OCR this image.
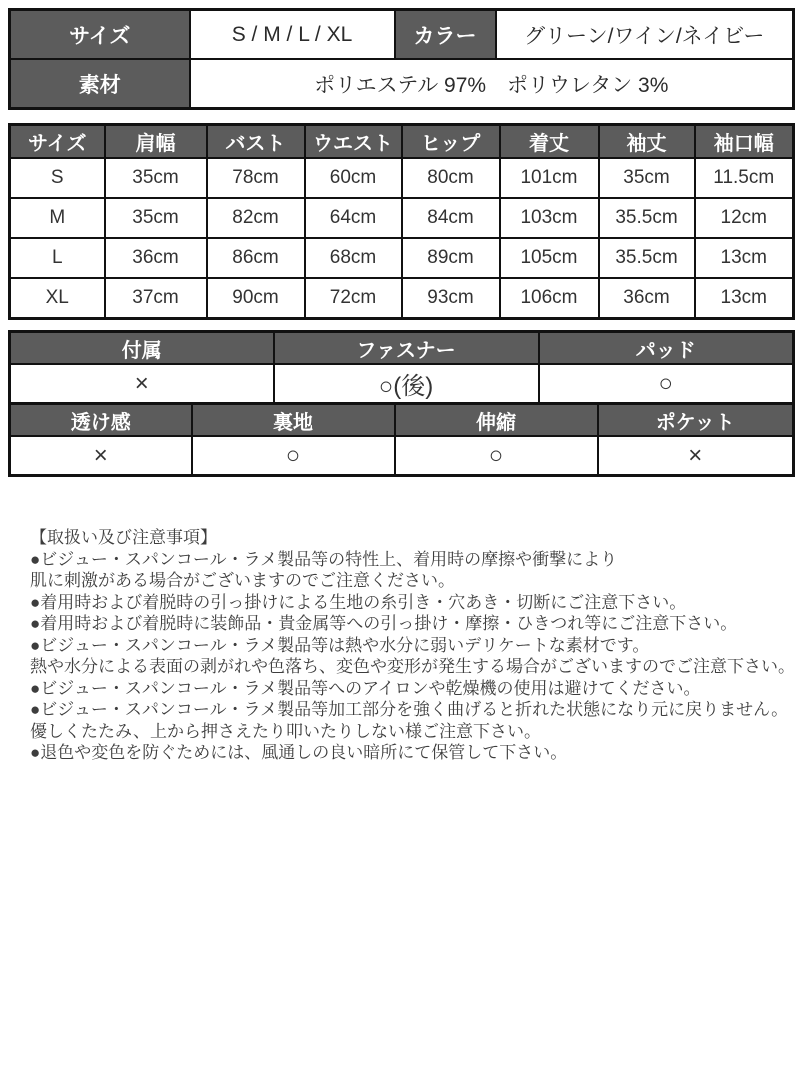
サイズ	S / M / L / XL	カラー	グリーン/ワイン/ネイビー
素材	ポリエステル 97%　ポリウレタン 3%		
サイズ	肩幅	バスト	ウエスト	ヒップ	着丈	袖丈	袖口幅
S	35cm	78cm	60cm	80cm	101cm	35cm	11.5cm
M	35cm	82cm	64cm	84cm	103cm	35.5cm	12cm
L	36cm	86cm	68cm	89cm	105cm	35.5cm	13cm
XL	37cm	90cm	72cm	93cm	106cm	36cm	13cm
付属	ファスナー	パッド
×	○(後)	○
透け感	裏地	伸縮	ポケット
×	○	○	×
【取扱い及び注意事項】
●ビジュー・スパンコール・ラメ製品等の特性上、着用時の摩擦や衝撃により
肌に刺激がある場合がございますのでご注意ください。
●着用時および着脱時の引っ掛けによる生地の糸引き・穴あき・切断にご注意下さい。
●着用時および着脱時に装飾品・貴金属等への引っ掛け・摩擦・ひきつれ等にご注意下さい。
●ビジュー・スパンコール・ラメ製品等は熱や水分に弱いデリケートな素材です。
熱や水分による表面の剥がれや色落ち、変色や変形が発生する場合がございますのでご注意下さい。
●ビジュー・スパンコール・ラメ製品等へのアイロンや乾燥機の使用は避けてください。
●ビジュー・スパンコール・ラメ製品等加工部分を強く曲げると折れた状態になり元に戻りません。
優しくたたみ、上から押さえたり叩いたりしない様ご注意下さい。
●退色や変色を防ぐためには、風通しの良い暗所にて保管して下さい。
